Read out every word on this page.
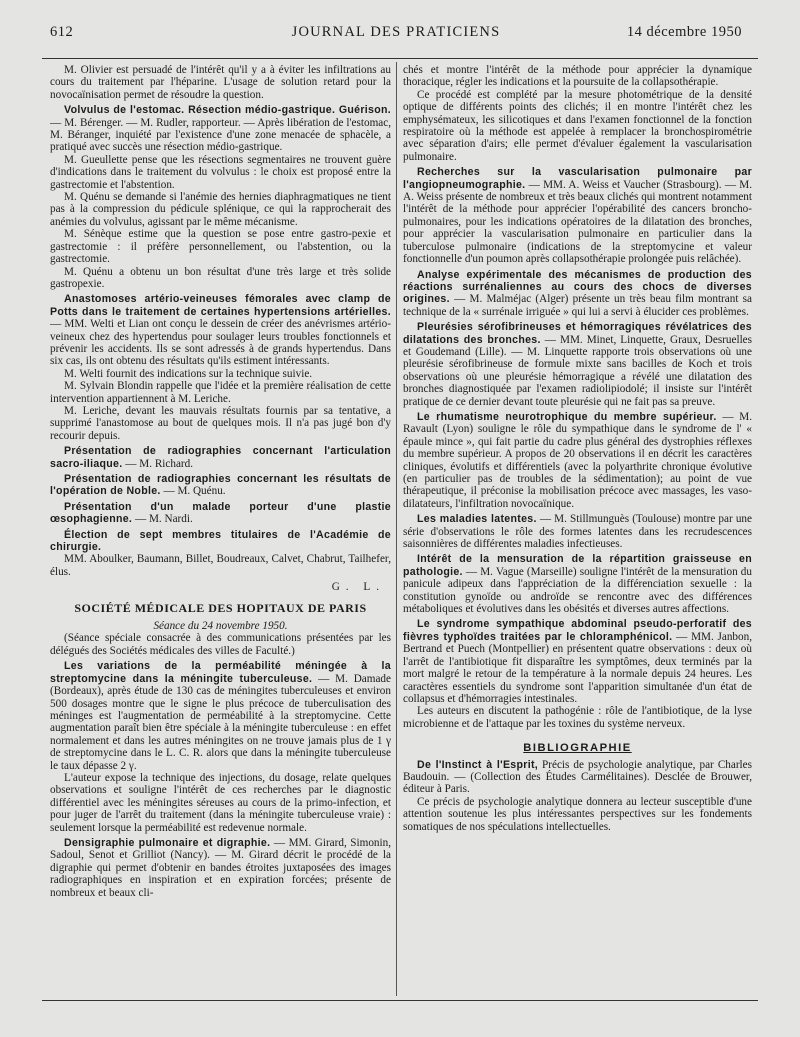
612	JOURNAL DES PRATICIENS	14 décembre 1950

M. Olivier est persuadé de l'intérêt qu'il y a à éviter les infiltrations au cours du traitement par l'héparine. L'usage de solution retard pour la novocaïnisation permet de résoudre la question.

Volvulus de l'estomac. Résection médio-gastrique. Guérison. — M. Bérenger. — M. Rudler, rapporteur. — Après libération de l'estomac, M. Béranger, inquiété par l'existence d'une zone menacée de sphacèle, a pratiqué avec succès une résection médio-gastrique.

M. Gueullette pense que les résections segmentaires ne trouvent guère d'indications dans le traitement du volvulus : le choix est proposé entre la gastrectomie et l'abstention.

M. Quénu se demande si l'anémie des hernies diaphragmatiques ne tient pas à la compression du pédicule splénique, ce qui la rapprocherait des anémies du volvulus, agissant par le même mécanisme.

M. Sénèque estime que la question se pose entre gastro-pexie et gastrectomie : il préfère personnellement, ou l'abstention, ou la gastrectomie.

M. Quénu a obtenu un bon résultat d'une très large et très solide gastropexie.

Anastomoses artério-veineuses fémorales avec clamp de Potts dans le traitement de certaines hypertensions artérielles. — MM. Welti et Lian ont conçu le dessein de créer des anévrismes artério-veineux chez des hypertendus pour soulager leurs troubles fonctionnels et prévenir les accidents. Ils se sont adressés à de grands hypertendus. Dans six cas, ils ont obtenu des résultats qu'ils estiment intéressants.

M. Welti fournit des indications sur la technique suivie.

M. Sylvain Blondin rappelle que l'idée et la première réalisation de cette intervention appartiennent à M. Leriche.

M. Leriche, devant les mauvais résultats fournis par sa tentative, a supprimé l'anastomose au bout de quelques mois. Il n'a pas jugé bon d'y recourir depuis.

Présentation de radiographies concernant l'articulation sacro-iliaque. — M. Richard.

Présentation de radiographies concernant les résultats de l'opération de Noble. — M. Quénu.

Présentation d'un malade porteur d'une plastie œsophagienne. — M. Nardi.

Élection de sept membres titulaires de l'Académie de chirurgie.

MM. Aboulker, Baumann, Billet, Boudreaux, Calvet, Chabrut, Tailhefer, élus.

G. L.

SOCIÉTÉ MÉDICALE DES HOPITAUX DE PARIS

Séance du 24 novembre 1950.

(Séance spéciale consacrée à des communications présentées par les délégués des Sociétés médicales des villes de Faculté.)

Les variations de la perméabilité méningée à la streptomycine dans la méningite tuberculeuse. — M. Damade (Bordeaux), après étude de 130 cas de méningites tuberculeuses et environ 500 dosages montre que le signe le plus précoce de tuberculisation des méninges est l'augmentation de perméabilité à la streptomycine. Cette augmentation paraît bien être spéciale à la méningite tuberculeuse : en effet normalement et dans les autres méningites on ne trouve jamais plus de 1 γ de streptomycine dans le L. C. R. alors que dans la méningite tuberculeuse le taux dépasse 2 γ.

L'auteur expose la technique des injections, du dosage, relate quelques observations et souligne l'intérêt de ces recherches par le diagnostic différentiel avec les méningites séreuses au cours de la primo-infection, et pour juger de l'arrêt du traitement (dans la méningite tuberculeuse vraie) : seulement lorsque la perméabilité est redevenue normale.

Densigraphie pulmonaire et digraphie. — MM. Girard, Simonin, Sadoul, Senot et Grilliot (Nancy). — M. Girard décrit le procédé de la digraphie qui permet d'obtenir en bandes étroites juxtaposées des images radiographiques en inspiration et en expiration forcées; présente de nombreux et beaux cli-

chés et montre l'intérêt de la méthode pour apprécier la dynamique thoracique, régler les indications et la poursuite de la collapsothérapie.

Ce procédé est complété par la mesure photométrique de la densité optique de différents points des clichés; il en montre l'intérêt chez les emphysémateux, les silicotiques et dans l'examen fonctionnel de la fonction respiratoire où la méthode est appelée à remplacer la bronchospirométrie avec séparation d'airs; elle permet d'évaluer également la vascularisation pulmonaire.

Recherches sur la vascularisation pulmonaire par l'angiopneumographie. — MM. A. Weiss et Vaucher (Strasbourg). — M. A. Weiss présente de nombreux et très beaux clichés qui montrent notamment l'intérêt de la méthode pour apprécier l'opérabilité des cancers broncho-pulmonaires, pour les indications opératoires de la dilatation des bronches, pour apprécier la vascularisation pulmonaire en particulier dans la tuberculose pulmonaire (indications de la streptomycine et valeur fonctionnelle d'un poumon après collapsothérapie prolongée puis relâchée).

Analyse expérimentale des mécanismes de production des réactions surrénaliennes au cours des chocs de diverses origines. — M. Malméjac (Alger) présente un très beau film montrant sa technique de la « surrénale irriguée » qui lui a servi à élucider ces problèmes.

Pleurésies sérofibrineuses et hémorragiques révélatrices des dilatations des bronches. — MM. Minet, Linquette, Graux, Desruelles et Goudemand (Lille). — M. Linquette rapporte trois observations où une pleurésie sérofibrineuse de formule mixte sans bacilles de Koch et trois observations où une pleurésie hémorragique a révélé une dilatation des bronches diagnostiquée par l'examen radiolipiodolé; il insiste sur l'intérêt pratique de ce dernier devant toute pleurésie qui ne fait pas sa preuve.

Le rhumatisme neurotrophique du membre supérieur. — M. Ravault (Lyon) souligne le rôle du sympathique dans le syndrome de l' « épaule mince », qui fait partie du cadre plus général des dystrophies réflexes du membre supérieur. A propos de 20 observations il en décrit les caractères cliniques, évolutifs et différentiels (avec la polyarthrite chronique évolutive (en particulier pas de troubles de la sédimentation); au point de vue thérapeutique, il préconise la mobilisation précoce avec massages, les vaso-dilatateurs, l'infiltration novocaïnique.

Les maladies latentes. — M. Stillmunguès (Toulouse) montre par une série d'observations le rôle des formes latentes dans les recrudescences saisonnières de différentes maladies infectieuses.

Intérêt de la mensuration de la répartition graisseuse en pathologie. — M. Vague (Marseille) souligne l'intérêt de la mensuration du panicule adipeux dans l'appréciation de la différenciation sexuelle : la constitution gynoïde ou androïde se rencontre avec des différences métaboliques et évolutives dans les obésités et diverses autres affections.

Le syndrome sympathique abdominal pseudo-perforatif des fièvres typhoïdes traitées par le chloramphénicol. — MM. Janbon, Bertrand et Puech (Montpellier) en présentent quatre observations : deux où l'arrêt de l'antibiotique fit disparaître les symptômes, deux terminés par la mort malgré le retour de la température à la normale depuis 24 heures. Les caractères essentiels du syndrome sont l'apparition simultanée d'un état de collapsus et d'hémorragies intestinales.

Les auteurs en discutent la pathogénie : rôle de l'antibiotique, de la lyse microbienne et de l'attaque par les toxines du système nerveux.

BIBLIOGRAPHIE

De l'Instinct à l'Esprit, Précis de psychologie analytique, par Charles Baudouin. — (Collection des Études Carmélitaines). Desclée de Brouwer, éditeur à Paris.

Ce précis de psychologie analytique donnera au lecteur susceptible d'une attention soutenue les plus intéressantes perspectives sur les fondements somatiques de nos spéculations intellectuelles.
